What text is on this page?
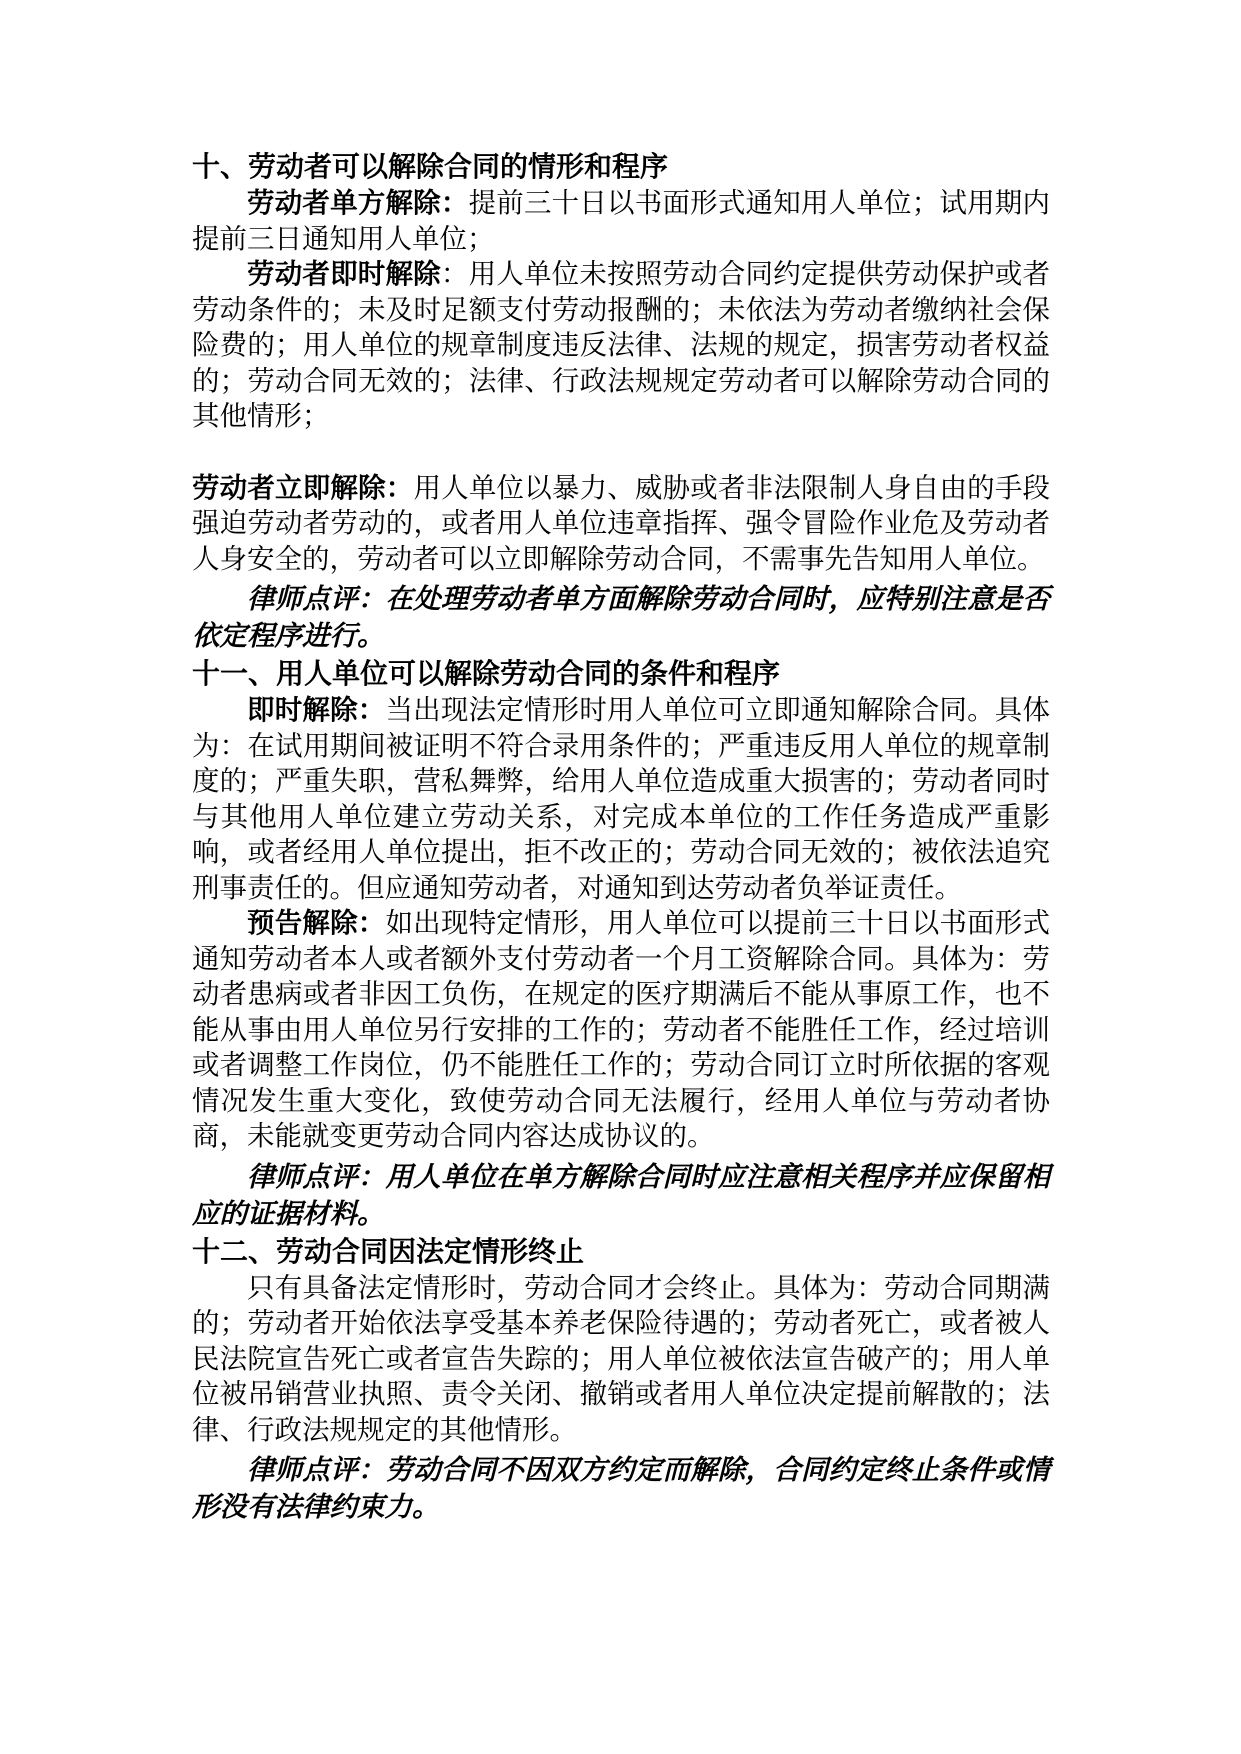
十、劳动者可以解除合同的情形和程序

劳动者单方解除：提前三十日以书面形式通知用人单位；试用期内提前三日通知用人单位；

劳动者即时解除：用人单位未按照劳动合同约定提供劳动保护或者劳动条件的；未及时足额支付劳动报酬的；未依法为劳动者缴纳社会保险费的；用人单位的规章制度违反法律、法规的规定，损害劳动者权益的；劳动合同无效的；法律、行政法规规定劳动者可以解除劳动合同的其他情形；

劳动者立即解除：用人单位以暴力、威胁或者非法限制人身自由的手段强迫劳动者劳动的，或者用人单位违章指挥、强令冒险作业危及劳动者人身安全的，劳动者可以立即解除劳动合同，不需事先告知用人单位。

律师点评：在处理劳动者单方面解除劳动合同时，应特别注意是否依定程序进行。

十一、用人单位可以解除劳动合同的条件和程序

即时解除：当出现法定情形时用人单位可立即通知解除合同。具体为：在试用期间被证明不符合录用条件的；严重违反用人单位的规章制度的；严重失职，营私舞弊，给用人单位造成重大损害的；劳动者同时与其他用人单位建立劳动关系，对完成本单位的工作任务造成严重影响，或者经用人单位提出，拒不改正的；劳动合同无效的；被依法追究刑事责任的。但应通知劳动者，对通知到达劳动者负举证责任。

预告解除：如出现特定情形，用人单位可以提前三十日以书面形式通知劳动者本人或者额外支付劳动者一个月工资解除合同。具体为：劳动者患病或者非因工负伤，在规定的医疗期满后不能从事原工作，也不能从事由用人单位另行安排的工作的；劳动者不能胜任工作，经过培训或者调整工作岗位，仍不能胜任工作的；劳动合同订立时所依据的客观情况发生重大变化，致使劳动合同无法履行，经用人单位与劳动者协商，未能就变更劳动合同内容达成协议的。

律师点评：用人单位在单方解除合同时应注意相关程序并应保留相应的证据材料。

十二、劳动合同因法定情形终止

只有具备法定情形时，劳动合同才会终止。具体为：劳动合同期满的；劳动者开始依法享受基本养老保险待遇的；劳动者死亡，或者被人民法院宣告死亡或者宣告失踪的；用人单位被依法宣告破产的；用人单位被吊销营业执照、责令关闭、撤销或者用人单位决定提前解散的；法律、行政法规规定的其他情形。

律师点评：劳动合同不因双方约定而解除，合同约定终止条件或情形没有法律约束力。
